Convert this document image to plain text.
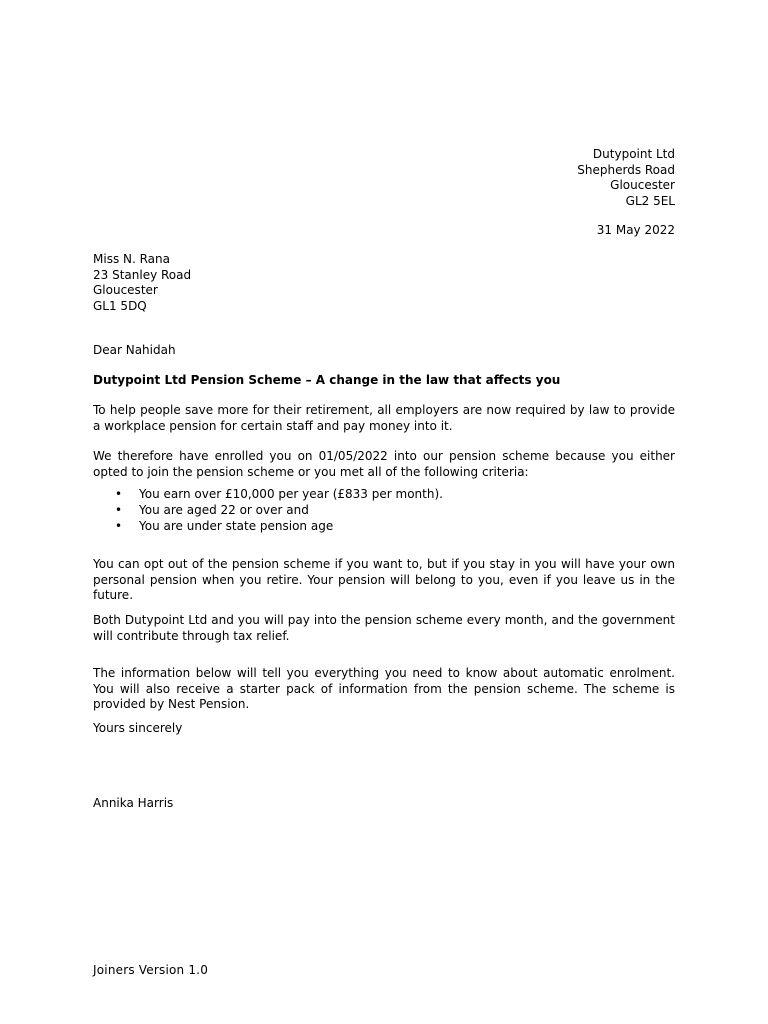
Dutypoint Ltd
Shepherds Road
Gloucester
GL2 5EL
31 May 2022
Miss N. Rana
23 Stanley Road
Gloucester
GL1 5DQ
Dear Nahidah
Dutypoint Ltd Pension Scheme – A change in the law that affects you
To help people save more for their retirement, all employers are now required by law to provide a workplace pension for certain staff and pay money into it.
We therefore have enrolled you on 01/05/2022 into our pension scheme because you either opted to join the pension scheme or you met all of the following criteria:
• You earn over £10,000 per year (£833 per month).
• You are aged 22 or over and
• You are under state pension age
You can opt out of the pension scheme if you want to, but if you stay in you will have your own personal pension when you retire. Your pension will belong to you, even if you leave us in the future.
Both Dutypoint Ltd and you will pay into the pension scheme every month, and the government will contribute through tax relief.
The information below will tell you everything you need to know about automatic enrolment. You will also receive a starter pack of information from the pension scheme. The scheme is provided by Nest Pension.
Yours sincerely
Annika Harris
Joiners Version 1.0
